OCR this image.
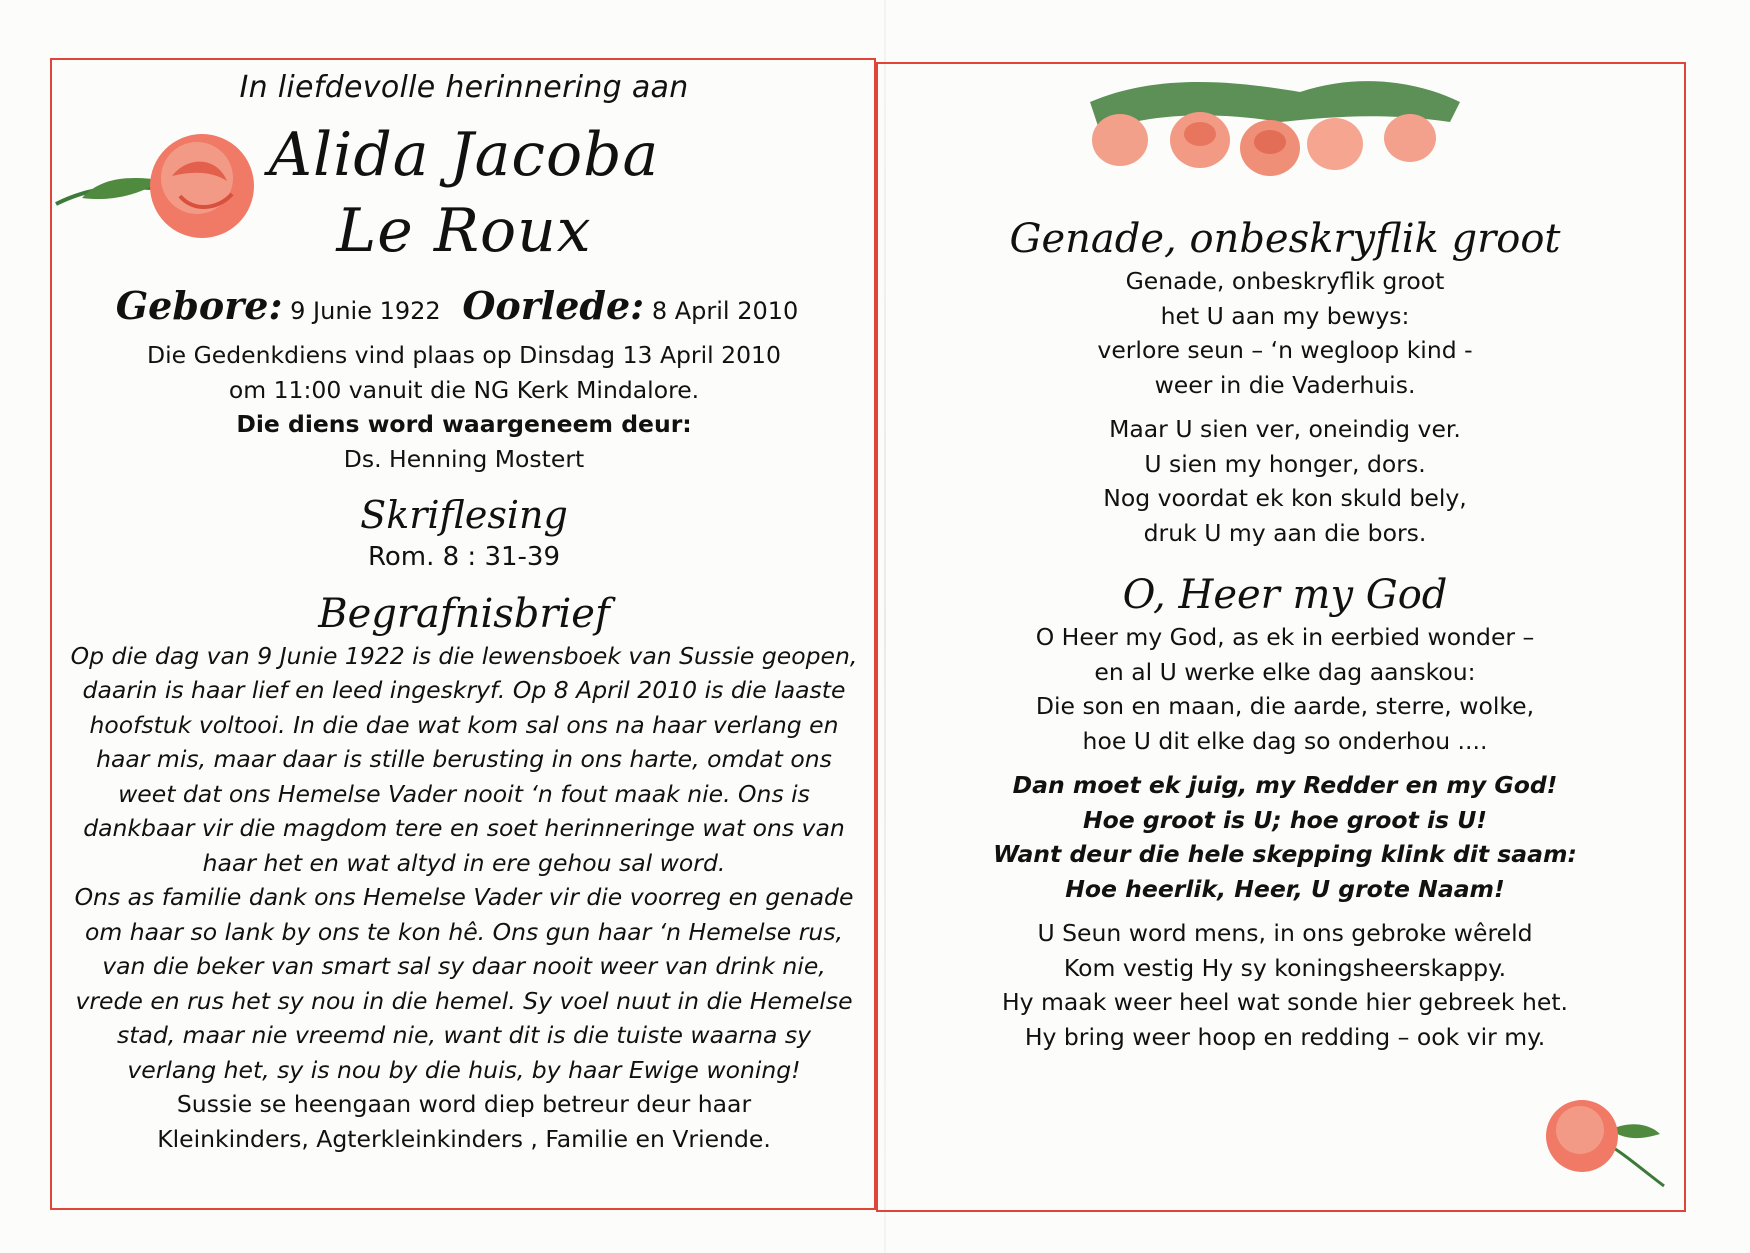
In liefdevolle herinnering aan
Alida Jacoba
Le Roux
Gebore: 9 Junie 1922 Oorlede: 8 April 2010
Die Gedenkdiens vind plaas op Dinsdag 13 April 2010
om 11:00 vanuit die NG Kerk Mindalore.
Die diens word waargeneem deur:
Ds. Henning Mostert
Skriflesing
Rom. 8 : 31-39
Begrafnisbrief
Op die dag van 9 Junie 1922 is die lewensboek van Sussie geopen,
daarin is haar lief en leed ingeskryf. Op 8 April 2010 is die laaste
hoofstuk voltooi. In die dae wat kom sal ons na haar verlang en
haar mis, maar daar is stille berusting in ons harte, omdat ons
weet dat ons Hemelse Vader nooit ‘n fout maak nie. Ons is
dankbaar vir die magdom tere en soet herinneringe wat ons van
haar het en wat altyd in ere gehou sal word.
Ons as familie dank ons Hemelse Vader vir die voorreg en genade
om haar so lank by ons te kon hê. Ons gun haar ‘n Hemelse rus,
van die beker van smart sal sy daar nooit weer van drink nie,
vrede en rus het sy nou in die hemel. Sy voel nuut in die Hemelse
stad, maar nie vreemd nie, want dit is die tuiste waarna sy
verlang het, sy is nou by die huis, by haar Ewige woning!
Sussie se heengaan word diep betreur deur haar
Kleinkinders, Agterkleinkinders , Familie en Vriende.
Genade, onbeskryflik groot
Genade, onbeskryflik groot
het U aan my bewys:
verlore seun – ‘n wegloop kind -
weer in die Vaderhuis.
Maar U sien ver, oneindig ver.
U sien my honger, dors.
Nog voordat ek kon skuld bely,
druk U my aan die bors.
O, Heer my God
O Heer my God, as ek in eerbied wonder –
en al U werke elke dag aanskou:
Die son en maan, die aarde, sterre, wolke,
hoe U dit elke dag so onderhou ....
Dan moet ek juig, my Redder en my God!
Hoe groot is U; hoe groot is U!
Want deur die hele skepping klink dit saam:
Hoe heerlik, Heer, U grote Naam!
U Seun word mens, in ons gebroke wêreld
Kom vestig Hy sy koningsheerskappy.
Hy maak weer heel wat sonde hier gebreek het.
Hy bring weer hoop en redding – ook vir my.
